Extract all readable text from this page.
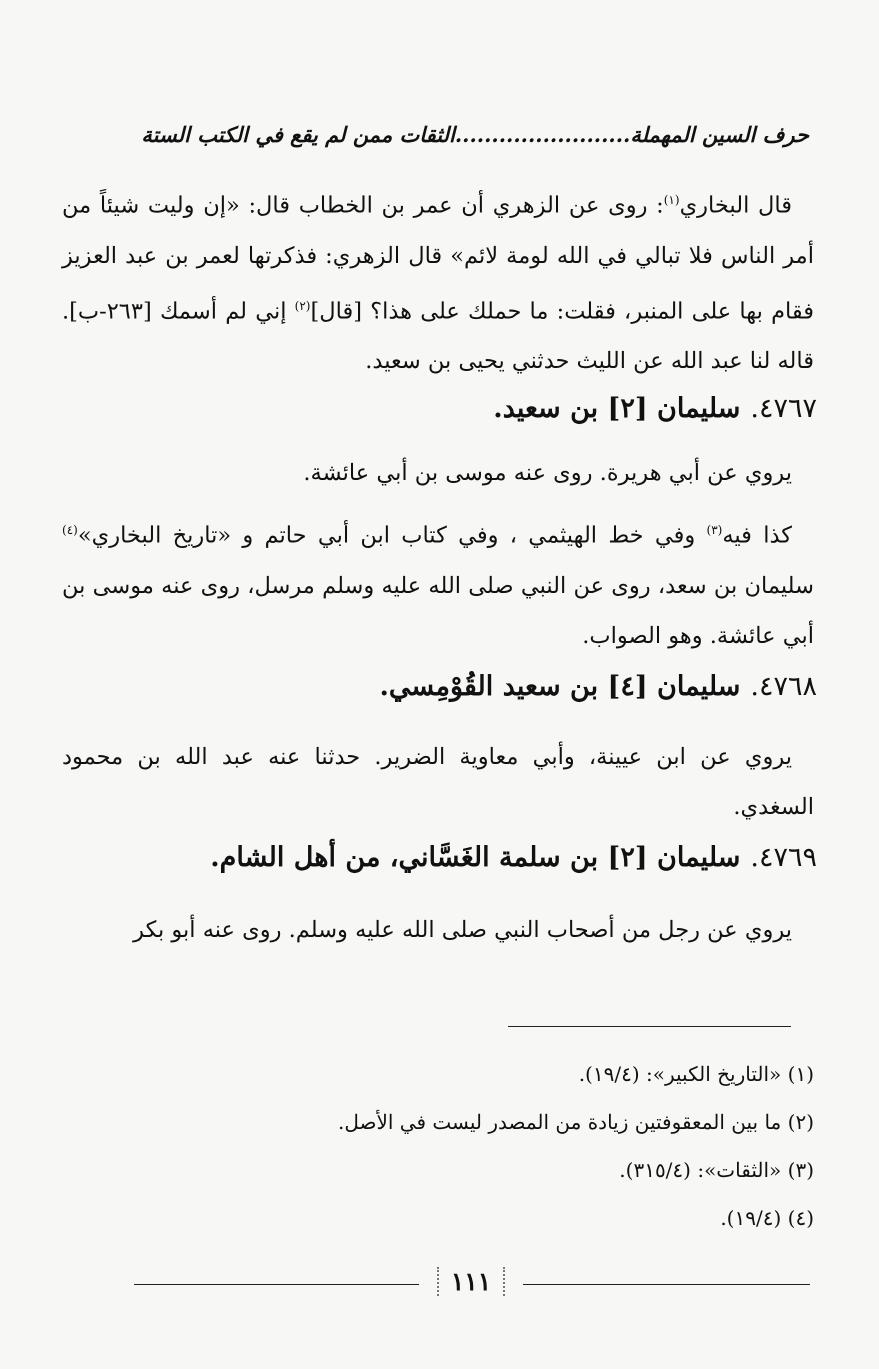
حرف السين المهملة........................الثقات ممن لم يقع في الكتب الستة
قال البخاري$^{(١)}$: روى عن الزهري أن عمر بن الخطاب قال: «إن وليت شيئاً من أمر الناس فلا تبالي في الله لومة لائم» قال الزهري: فذكرتها لعمر بن عبد العزيز فقام بها على المنبر، فقلت: ما حملك على هذا؟ [قال]$^{(٢)}$ إني لم أسمك [٢٦٣-ب]. قاله لنا عبد الله عن الليث حدثني يحيى بن سعيد.
٤٧٦٧.سليمان [٢] بن سعيد.
يروي عن أبي هريرة. روى عنه موسى بن أبي عائشة.
كذا فيه$^{(٣)}$ وفي خط الهيثمي ، وفي كتاب ابن أبي حاتم و «تاريخ البخاري»$^{(٤)}$ سليمان بن سعد، روى عن النبي صلى الله عليه وسلم مرسل، روى عنه موسى بن أبي عائشة. وهو الصواب.
٤٧٦٨.سليمان [٤] بن سعيد القُوْمِسي.
يروي عن ابن عيينة، وأبي معاوية الضرير. حدثنا عنه عبد الله بن محمود السغدي.
٤٧٦٩.سليمان [٢] بن سلمة الغَسَّاني، من أهل الشام.
يروي عن رجل من أصحاب النبي صلى الله عليه وسلم. روى عنه أبو بكر
(١) «التاريخ الكبير»: (١٩/٤).
(٢) ما بين المعقوفتين زيادة من المصدر ليست في الأصل.
(٣) «الثقات»: (٣١٥/٤).
(٤) (١٩/٤).
١١١
